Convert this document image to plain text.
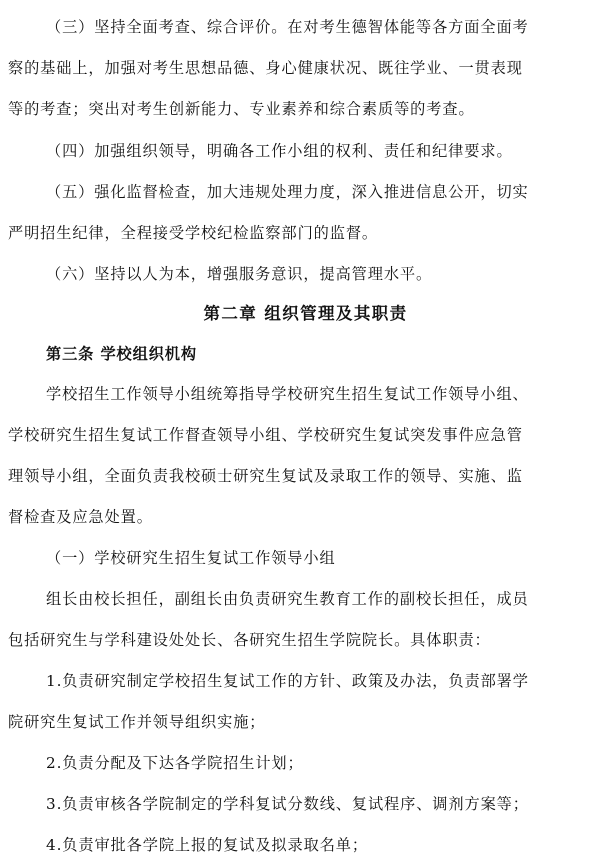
（三）坚持全面考查、综合评价。在对考生德智体能等各方面全面考
察的基础上，加强对考生思想品德、身心健康状况、既往学业、一贯表现
等的考查；突出对考生创新能力、专业素养和综合素质等的考查。
（四）加强组织领导，明确各工作小组的权利、责任和纪律要求。
（五）强化监督检查，加大违规处理力度，深入推进信息公开，切实
严明招生纪律，全程接受学校纪检监察部门的监督。
（六）坚持以人为本，增强服务意识，提高管理水平。
第二章 组织管理及其职责
第三条 学校组织机构
学校招生工作领导小组统筹指导学校研究生招生复试工作领导小组、
学校研究生招生复试工作督查领导小组、学校研究生复试突发事件应急管
理领导小组，全面负责我校硕士研究生复试及录取工作的领导、实施、监
督检查及应急处置。
（一）学校研究生招生复试工作领导小组
组长由校长担任，副组长由负责研究生教育工作的副校长担任，成员
包括研究生与学科建设处处长、各研究生招生学院院长。具体职责：
1.负责研究制定学校招生复试工作的方针、政策及办法，负责部署学
院研究生复试工作并领导组织实施；
2.负责分配及下达各学院招生计划；
3.负责审核各学院制定的学科复试分数线、复试程序、调剂方案等；
4.负责审批各学院上报的复试及拟录取名单；
